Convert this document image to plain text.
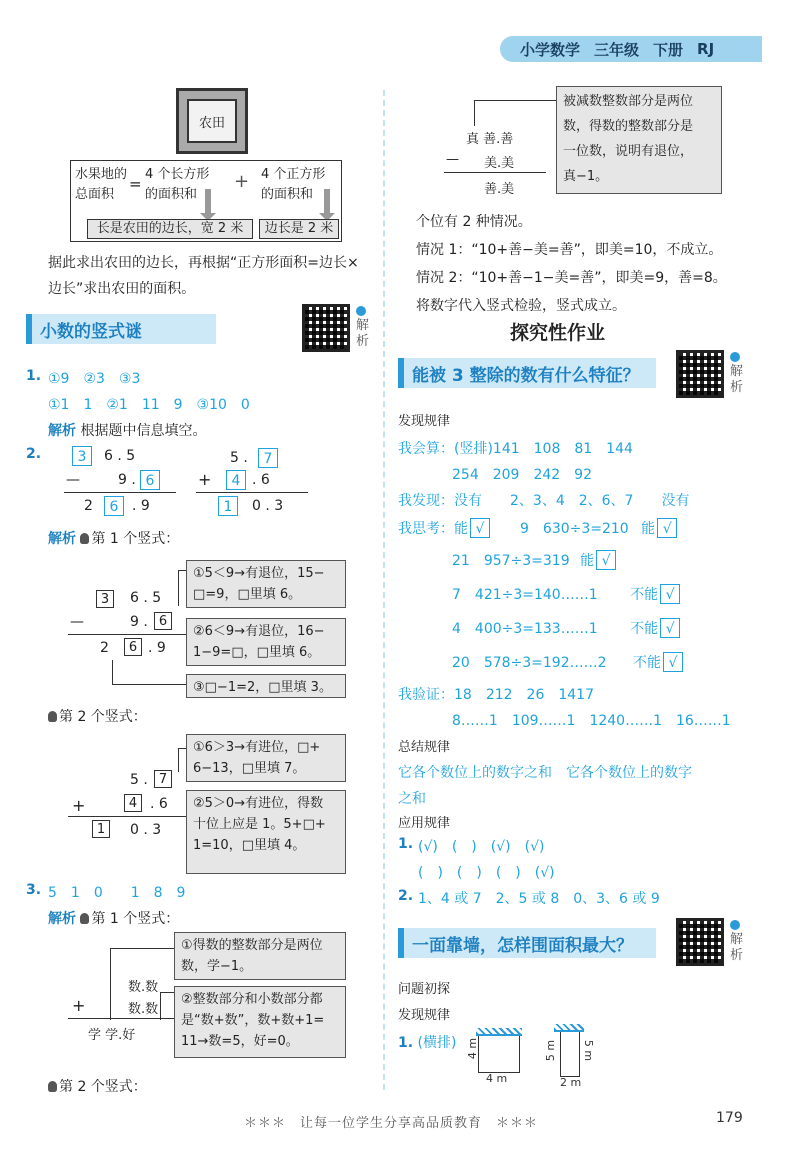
小学数学 三年级 下册 RJ
农田
水果地的
总面积
=
4 个长方形
的面积和
+ 4 个正方形
的面积和
长是农田的边长，宽 2 米	边长是 2 米
据此求出农田的边长，再根据“正方形面积=边长×
边长”求出农田的面积。
小数的竖式谜	解析
1. ①9　②3　③3
①1　1　②1　11　9　③10　0
解析 根据题中信息填空。
2.	3	6 . 5
—	9 . 6
2	6 . 9
5 .	7
+	4 . 6
1	0 . 3
解析 第 1 个竖式：
3	6 . 5
—	9 . 6
2	6 . 9
①5＜9→有退位，15−
□=9，□里填 6。
②6＜9→有退位，16−
1−9=□，□里填 6。
③□−1=2，□里填 3。
第 2 个竖式：
5 . 7
+	4 . 6
1	0 . 3
①6＞3→有进位，□+
6−13，□里填 7。
②5＞0→有进位，得数
十位上应是 1。5+□+
1=10，□里填 4。
3. 5　1　0　　1　8　9
解析 第 1 个竖式：
数.数
+	数.数
学 学.好
①得数的整数部分是两位
数，学−1。
②整数部分和小数部分都
是“数+数”，数+数+1=
11→数=5，好=0。
第 2 个竖式：
真 善.善
— 美.美
善.美
被减数整数部分是两位
数，得数的整数部分是
一位数，说明有退位，
真−1。
个位有 2 种情况。
情况 1：“10+善−美=善”，即美=10，不成立。
情况 2：“10+善−1−美=善”，即美=9，善=8。
将数字代入竖式检验，竖式成立。
探究性作业
能被 3 整除的数有什么特征？	解析
发现规律
我会算：(竖排)141　108　81　144
254　209　242　92
我发现：没有　　2、3、4　2、6、7　　没有
我思考：能 √	9　630÷3=210 能 √
21　957÷3=319 能 √
7　421÷3=140……1 不能 √
4　400÷3=133……1 不能 √
20　578÷3=192……2 不能 √
我验证：18　212　26　1417
8……1　109……1　1240……1　16……1
总结规律
它各个数位上的数字之和　它各个数位上的数字
之和
应用规律
1. (√)　(　)　(√)　(√)
(　)　(　)　(　)　(√)
2. 1、4 或 7　2、5 或 8　0、3、6 或 9
一面靠墙，怎样围面积最大？	解析
问题初探
发现规律
1. (横排) 4 m
4 m
5 m 5 m
2 m
＊＊＊　让每一位学生分享高品质教育　＊＊＊	179
